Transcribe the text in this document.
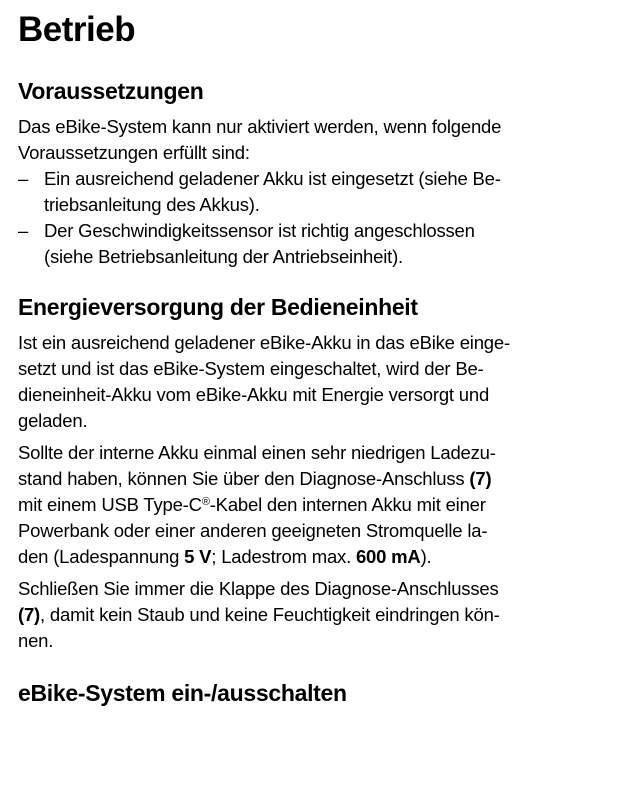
Betrieb
Voraussetzungen

Das eBike-System kann nur aktiviert werden, wenn folgende Voraussetzungen erfüllt sind:

– Ein ausreichend geladener Akku ist eingesetzt (siehe Be-

triebsanleitung des Akkus).

– Der Geschwindigkeitssensor ist richtig angeschlossen

(siehe Betriebsanleitung der Antriebseinheit).

Energieversorgung der Bedieneinheit

Ist ein ausreichend geladener eBike-Akku in das eBike einge-

setzt und ist das eBike-System eingeschaltet, wird der Be-

dieneinheit-Akku vom eBike-Akku mit Energie versorgt und

geladen.

Sollte der interne Akku einmal einen sehr niedrigen Ladezu-

stand haben, können Sie über den Diagnose-Anschluss (7)

mit einem USB Type-C®-Kabel den internen Akku mit einer

Powerbank oder einer anderen geeigneten Stromquelle la-

den (Ladespannung 5 V; Ladestrom max. 600 mA).

Schließen Sie immer die Klappe des Diagnose-Anschlusses

(7), damit kein Staub und keine Feuchtigkeit eindringen kön-

nen.

eBike-System ein-/ausschalten
